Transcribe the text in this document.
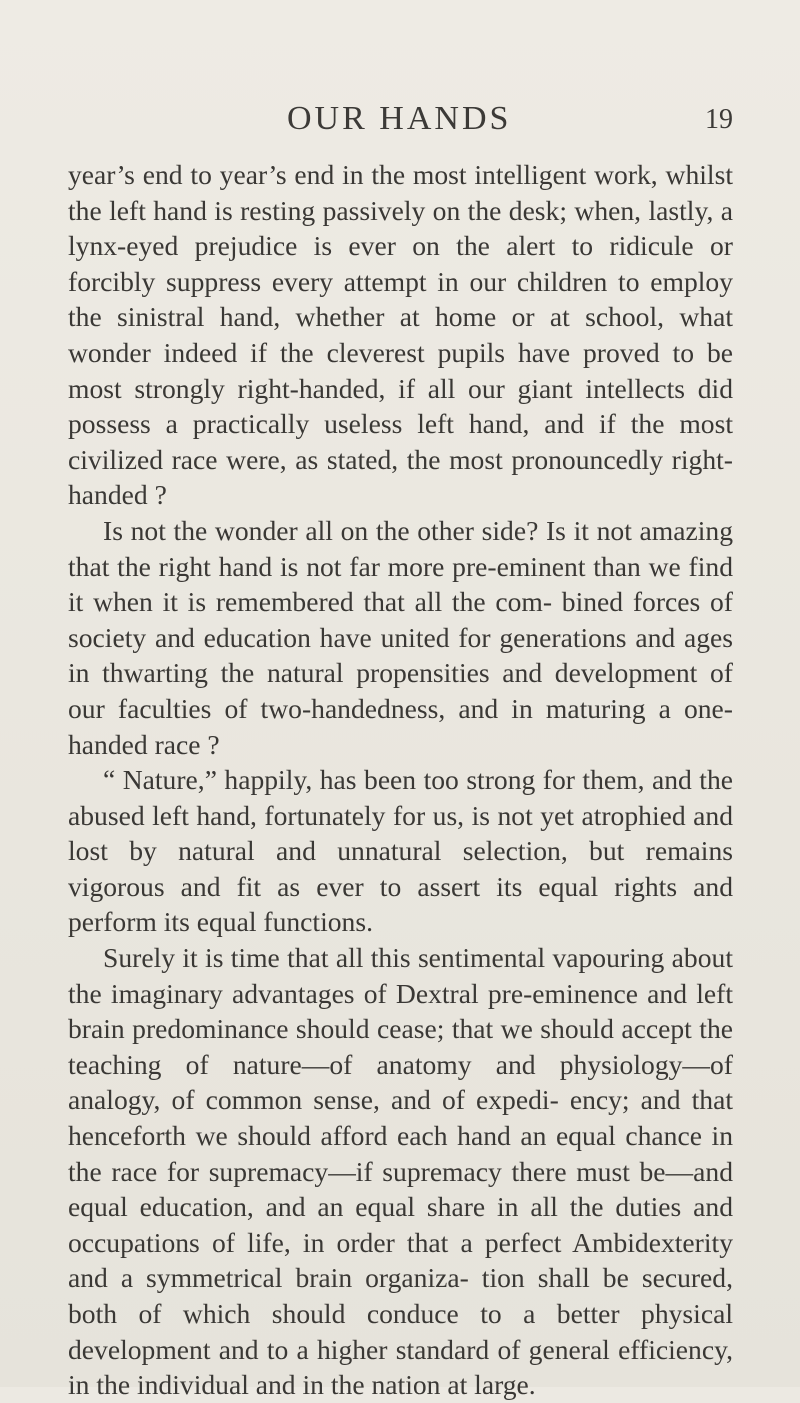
OUR HANDS	19

year’s end to year’s end in the most intelligent work, whilst the left hand is resting passively on the desk; when, lastly, a lynx-eyed prejudice is ever on the alert to ridicule or forcibly suppress every attempt in our children to employ the sinistral hand, whether at home or at school, what wonder indeed if the cleverest pupils have proved to be most strongly right-handed, if all our giant intellects did possess a practically useless left hand, and if the most civilized race were, as stated, the most pronouncedly right-handed ?

Is not the wonder all on the other side? Is it not amazing that the right hand is not far more pre-eminent than we find it when it is remembered that all the com- bined forces of society and education have united for generations and ages in thwarting the natural propensities and development of our faculties of two-handedness, and in maturing a one-handed race ?

“ Nature,” happily, has been too strong for them, and the abused left hand, fortunately for us, is not yet atrophied and lost by natural and unnatural selection, but remains vigorous and fit as ever to assert its equal rights and perform its equal functions.

Surely it is time that all this sentimental vapouring about the imaginary advantages of Dextral pre-eminence and left brain predominance should cease; that we should accept the teaching of nature—of anatomy and physiology—of analogy, of common sense, and of expedi- ency; and that henceforth we should afford each hand an equal chance in the race for supremacy—if supremacy there must be—and equal education, and an equal share in all the duties and occupations of life, in order that a perfect Ambidexterity and a symmetrical brain organiza- tion shall be secured, both of which should conduce to a better physical development and to a higher standard of general efficiency, in the individual and in the nation at large.
